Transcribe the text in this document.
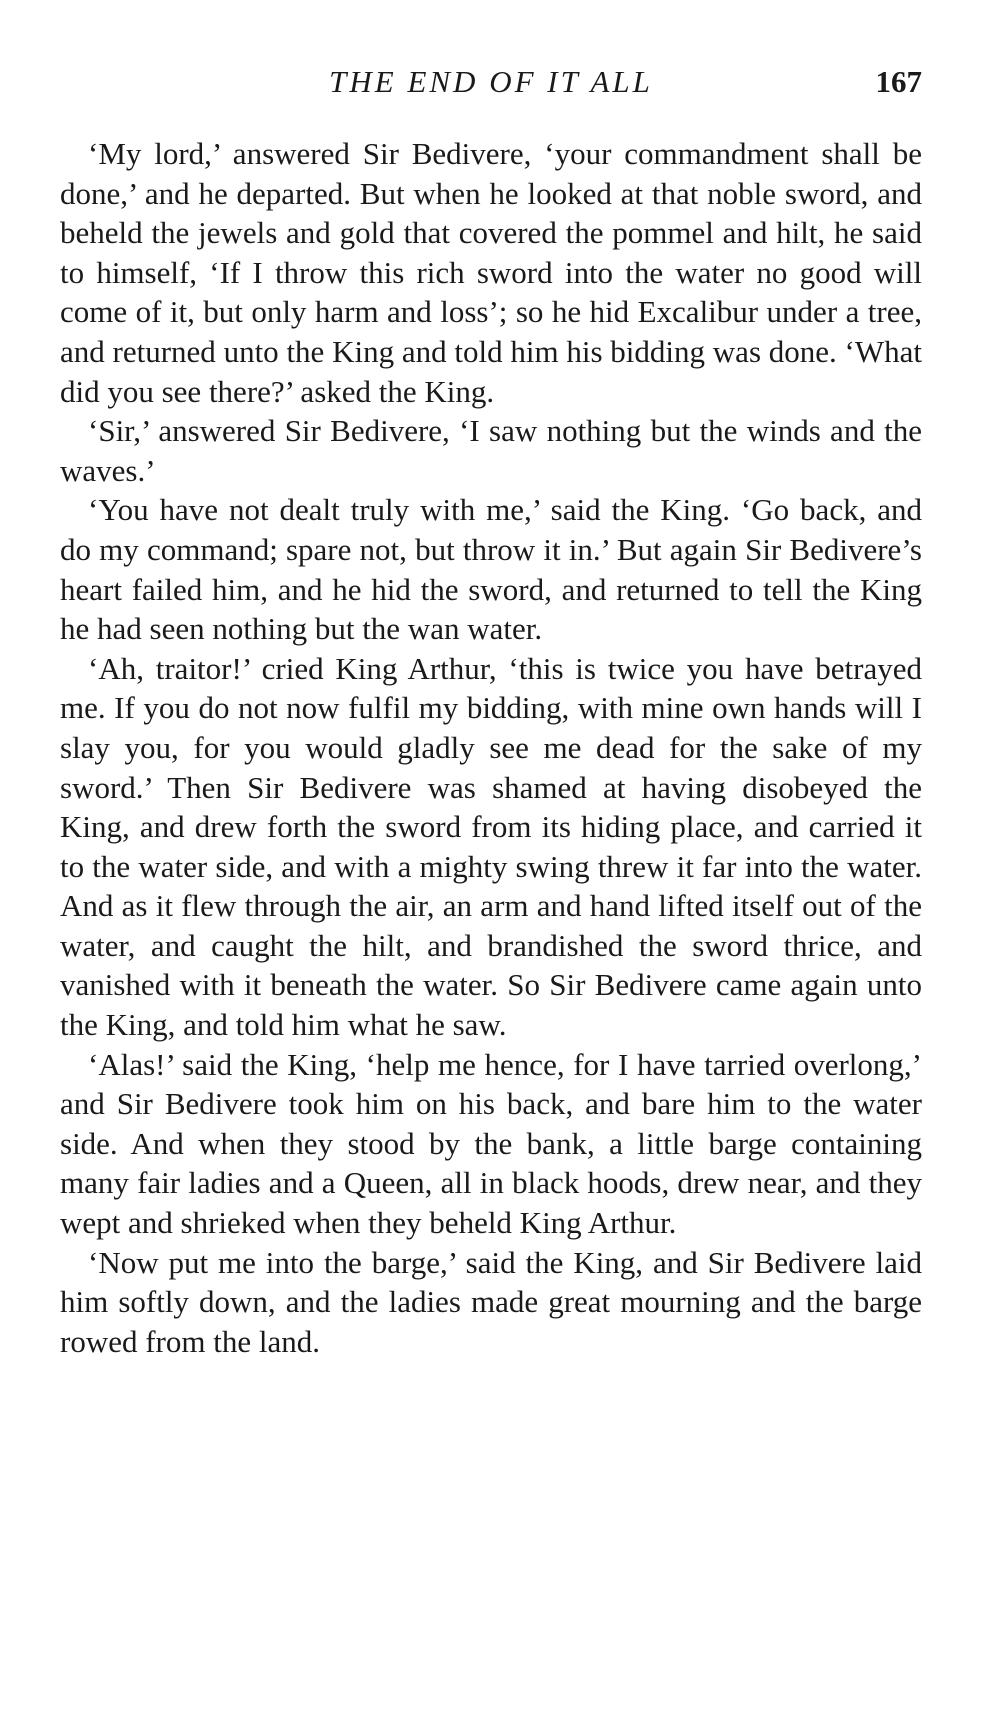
THE END OF IT ALL	167

‘My lord,’ answered Sir Bedivere, ‘your commandment shall be done,’ and he departed. But when he looked at that noble sword, and beheld the jewels and gold that covered the pommel and hilt, he said to himself, ‘If I throw this rich sword into the water no good will come of it, but only harm and loss’; so he hid Excalibur under a tree, and returned unto the King and told him his bidding was done. ‘What did you see there?’ asked the King.

‘Sir,’ answered Sir Bedivere, ‘I saw nothing but the winds and the waves.’

‘You have not dealt truly with me,’ said the King. ‘Go back, and do my command; spare not, but throw it in.’ But again Sir Bedivere’s heart failed him, and he hid the sword, and returned to tell the King he had seen nothing but the wan water.

‘Ah, traitor!’ cried King Arthur, ‘this is twice you have betrayed me. If you do not now fulfil my bidding, with mine own hands will I slay you, for you would gladly see me dead for the sake of my sword.’ Then Sir Bedivere was shamed at having disobeyed the King, and drew forth the sword from its hiding place, and carried it to the water side, and with a mighty swing threw it far into the water. And as it flew through the air, an arm and hand lifted itself out of the water, and caught the hilt, and brandished the sword thrice, and vanished with it beneath the water. So Sir Bedivere came again unto the King, and told him what he saw.

‘Alas!’ said the King, ‘help me hence, for I have tarried overlong,’ and Sir Bedivere took him on his back, and bare him to the water side. And when they stood by the bank, a little barge containing many fair ladies and a Queen, all in black hoods, drew near, and they wept and shrieked when they beheld King Arthur.

‘Now put me into the barge,’ said the King, and Sir Bedivere laid him softly down, and the ladies made great mourning and the barge rowed from the land.
